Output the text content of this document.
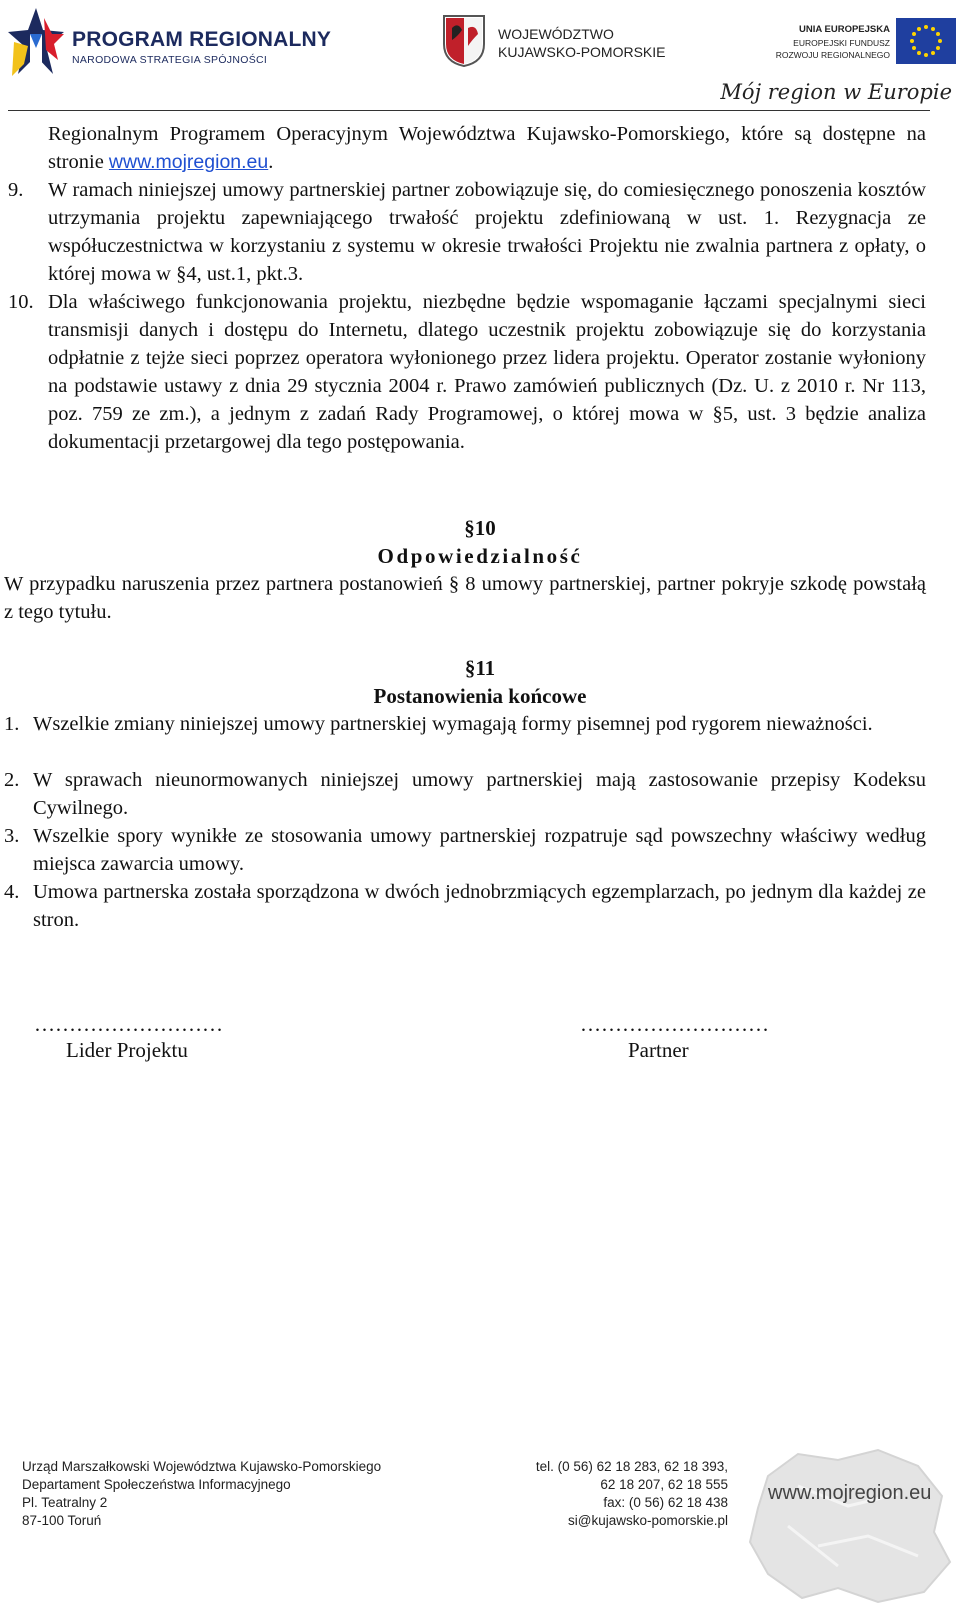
PROGRAM REGIONALNY
NARODOWA STRATEGIA SPÓJNOŚCI
WOJEWÓDZTWO
KUJAWSKO-POMORSKIE
UNIA EUROPEJSKA
EUROPEJSKI FUNDUSZ
ROZWOJU REGIONALNEGO
Mój region w Europie
Regionalnym Programem Operacyjnym Województwa Kujawsko-Pomorskiego, które są dostępne na stronie www.mojregion.eu.
9. W ramach niniejszej umowy partnerskiej partner zobowiązuje się, do comiesięcznego ponoszenia kosztów utrzymania projektu zapewniającego trwałość projektu zdefiniowaną w ust. 1. Rezygnacja ze współuczestnictwa w korzystaniu z systemu w okresie trwałości Projektu nie zwalnia partnera z opłaty, o której mowa w §4, ust.1, pkt.3.
10. Dla właściwego funkcjonowania projektu, niezbędne będzie wspomaganie łączami specjalnymi sieci transmisji danych i dostępu do Internetu, dlatego uczestnik projektu zobowiązuje się do korzystania odpłatnie z tejże sieci poprzez operatora wyłonionego przez lidera projektu. Operator zostanie wyłoniony na podstawie ustawy z dnia 29 stycznia 2004 r. Prawo zamówień publicznych (Dz. U. z 2010 r. Nr 113, poz. 759 ze zm.), a jednym z zadań Rady Programowej, o której mowa w §5, ust. 3 będzie analiza dokumentacji przetargowej dla tego postępowania.
§10
Odpowiedzialność
W przypadku naruszenia przez partnera postanowień § 8 umowy partnerskiej, partner pokryje szkodę powstałą z tego tytułu.
§11
Postanowienia końcowe
1. Wszelkie zmiany niniejszej umowy partnerskiej wymagają formy pisemnej pod rygorem nieważności.
2. W sprawach nieunormowanych niniejszej umowy partnerskiej mają zastosowanie przepisy Kodeksu Cywilnego.
3. Wszelkie spory wynikłe ze stosowania umowy partnerskiej rozpatruje sąd powszechny właściwy według miejsca zawarcia umowy.
4. Umowa partnerska została sporządzona w dwóch jednobrzmiących egzemplarzach, po jednym dla każdej ze stron.
………………………
Lider Projektu
………………………
Partner
Urząd Marszałkowski Województwa Kujawsko-Pomorskiego
Departament Społeczeństwa Informacyjnego
Pl. Teatralny 2
87-100 Toruń
tel. (0 56) 62 18 283, 62 18 393,
62 18 207, 62 18 555
fax: (0 56) 62 18 438
si@kujawsko-pomorskie.pl
www.mojregion.eu
